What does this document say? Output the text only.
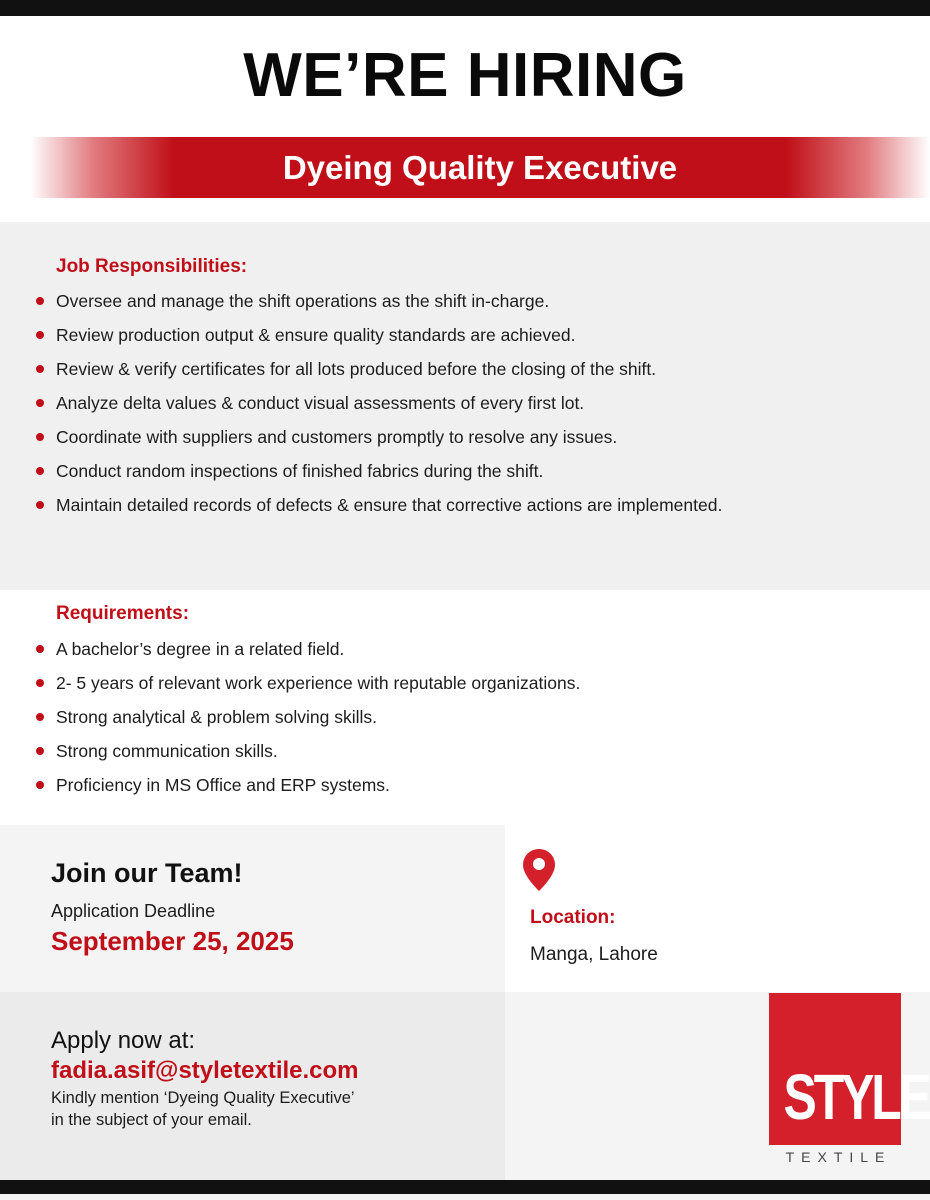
WE’RE HIRING
Dyeing Quality Executive
Job Responsibilities:
Oversee and manage the shift operations as the shift in-charge.
Review production output & ensure quality standards are achieved.
Review & verify certificates for all lots produced before the closing of the shift.
Analyze delta values & conduct visual assessments of every first lot.
Coordinate with suppliers and customers promptly to resolve any issues.
Conduct random inspections of finished fabrics during the shift.
Maintain detailed records of defects & ensure that corrective actions are implemented.
Requirements:
A bachelor’s degree in a related field.
2- 5 years of relevant work experience with reputable organizations.
Strong analytical & problem solving skills.
Strong communication skills.
Proficiency in MS Office and ERP systems.
Join our Team!
Application Deadline
September 25, 2025
Location:
Manga, Lahore
Apply now at:
fadia.asif@styletextile.com
Kindly mention ‘Dyeing Quality Executive’
in the subject of your email.	STYLE
TEXTILE
